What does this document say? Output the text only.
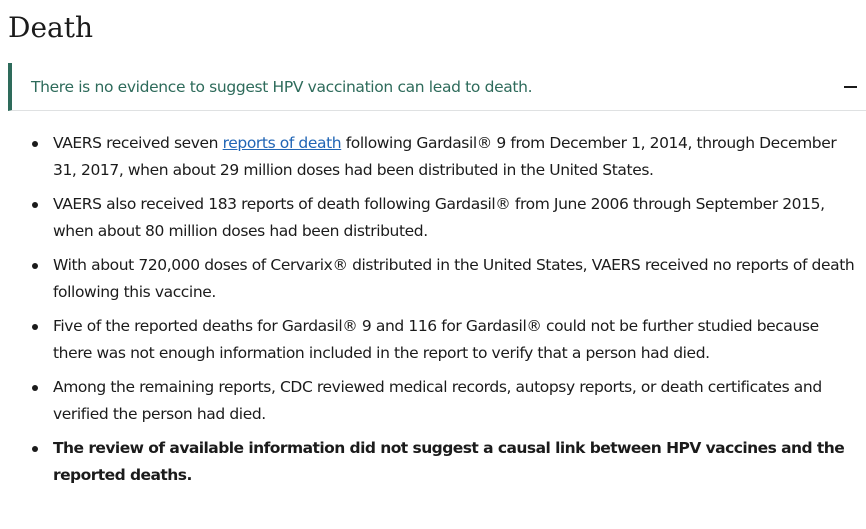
Death
There is no evidence to suggest HPV vaccination can lead to death.
VAERS received seven reports of death following Gardasil® 9 from December 1, 2014, through December 31, 2017, when about 29 million doses had been distributed in the United States.
VAERS also received 183 reports of death following Gardasil® from June 2006 through September 2015, when about 80 million doses had been distributed.
With about 720,000 doses of Cervarix® distributed in the United States, VAERS received no reports of death following this vaccine.
Five of the reported deaths for Gardasil® 9 and 116 for Gardasil® could not be further studied because there was not enough information included in the report to verify that a person had died.
Among the remaining reports, CDC reviewed medical records, autopsy reports, or death certificates and verified the person had died.
The review of available information did not suggest a causal link between HPV vaccines and the reported deaths.
